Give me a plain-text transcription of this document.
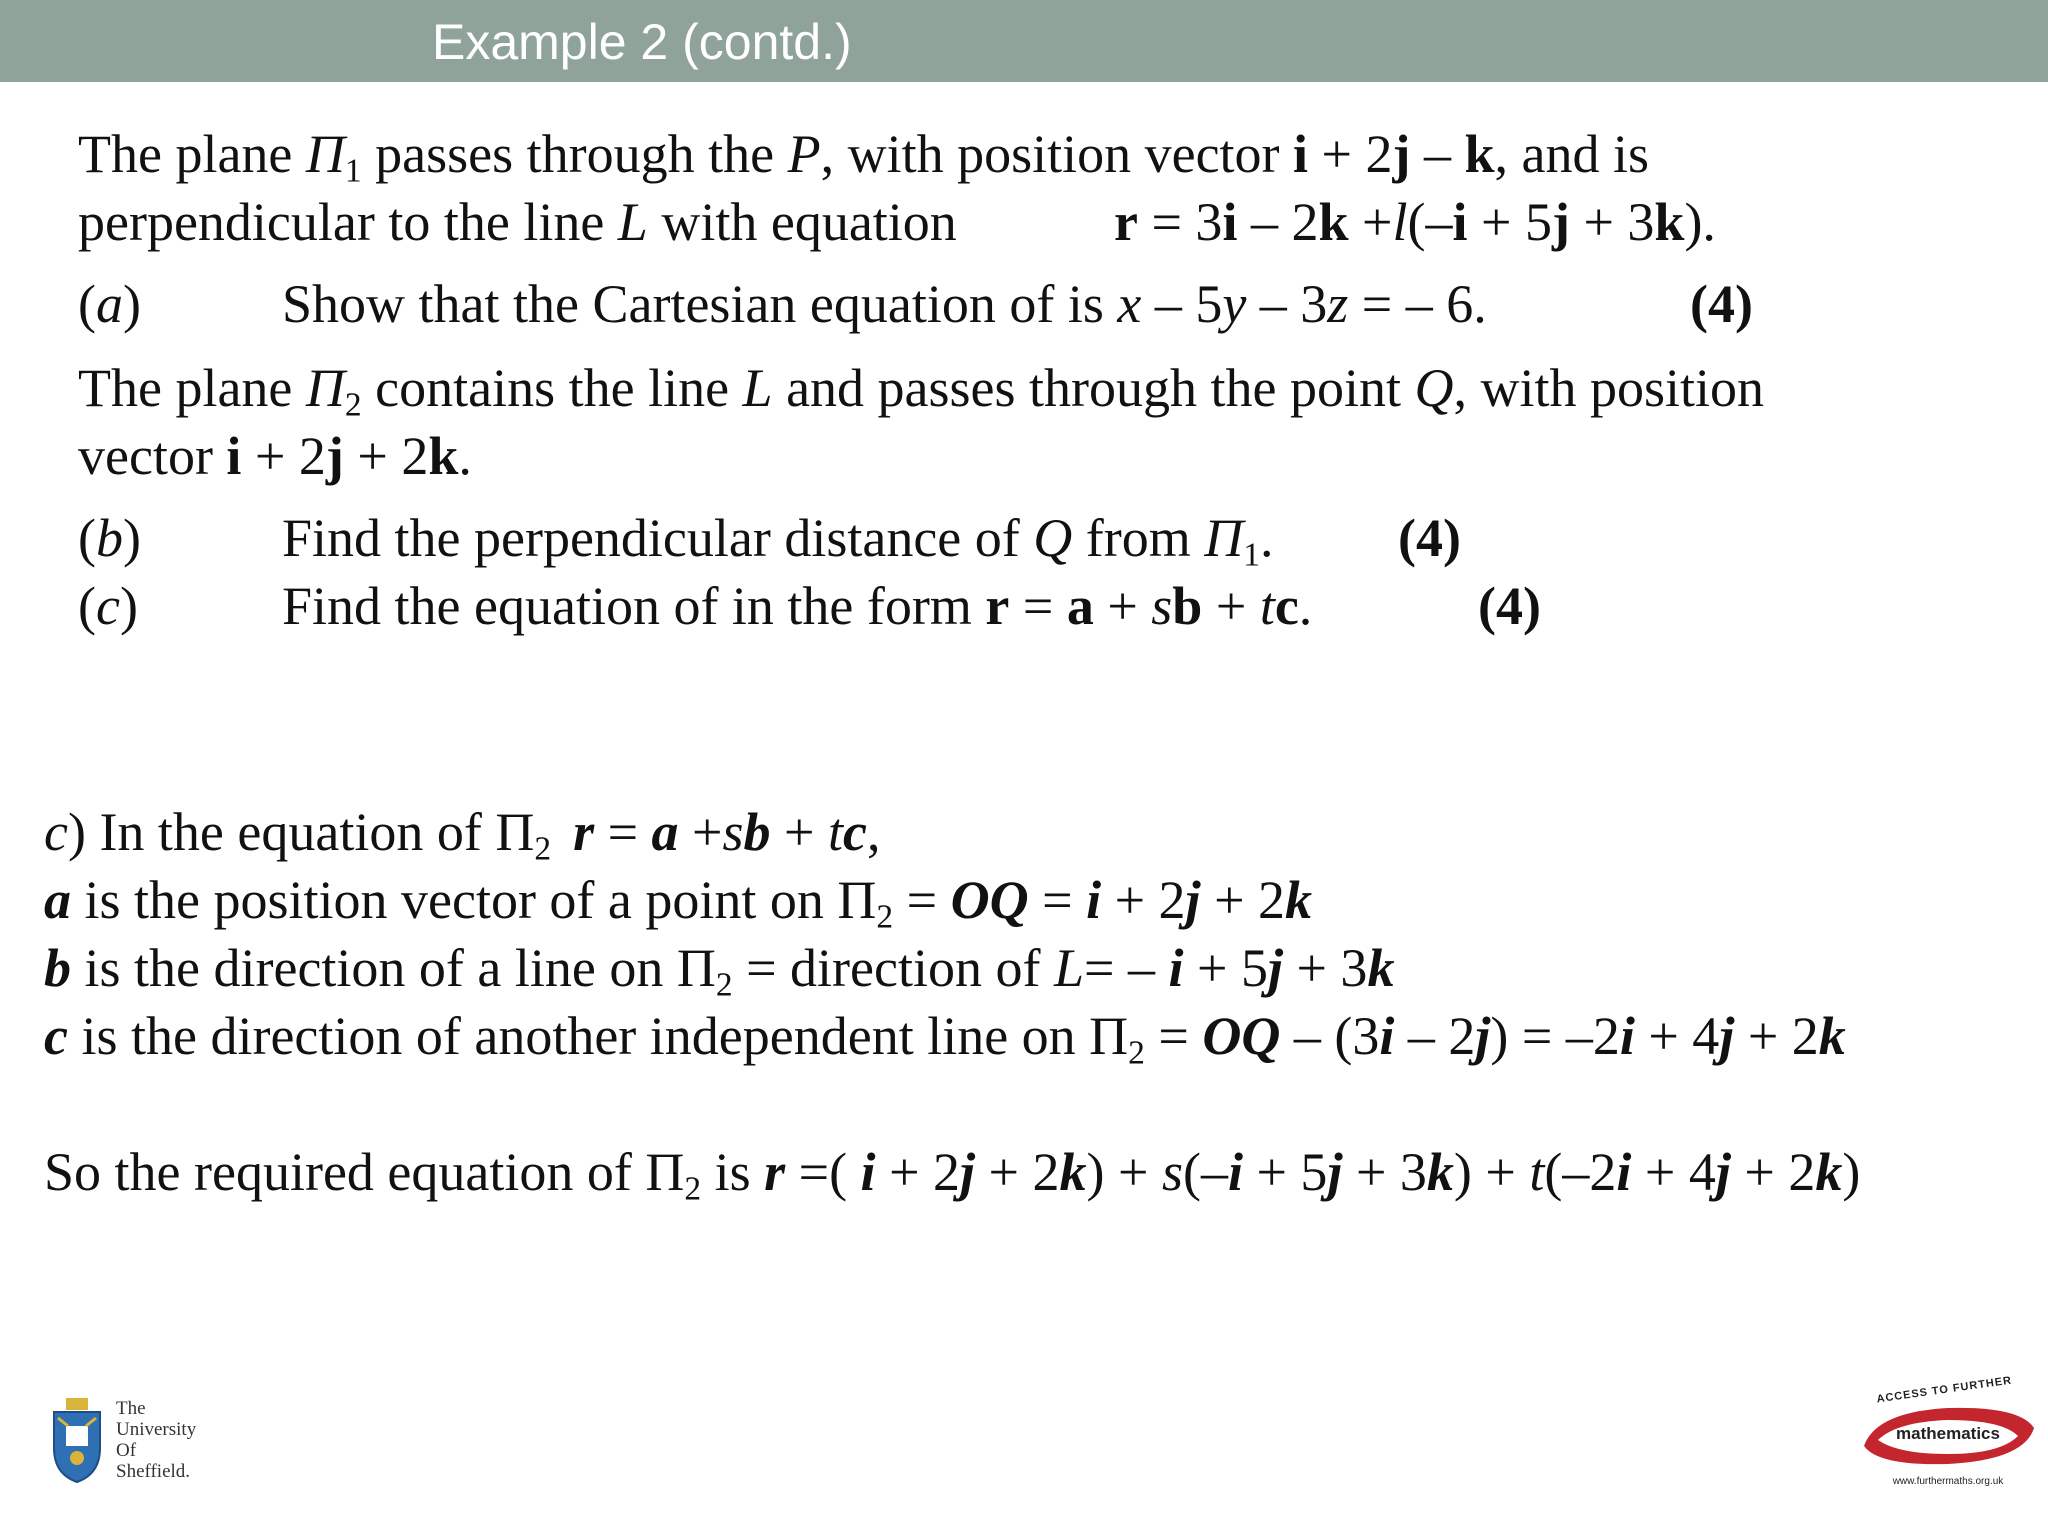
Example 2 (contd.)
The plane $\Pi_1$ passes through the P, with position vector i + 2j – k, and is
perpendicular to the line L with equation	r = 3i – 2k +l(–i + 5j + 3k).
(a)	Show that the Cartesian equation of is x – 5y – 3z = – 6.	(4)
The plane $\Pi_2$ contains the line L and passes through the point Q, with position
vector i + 2j + 2k.
(b)	Find the perpendicular distance of Q from $\Pi_1$. (4)
(c)	Find the equation of in the form r = a + sb + tc.	(4)
c) In the equation of $\Pi_2$ r = a +sb + tc,
a is the position vector of a point on $\Pi_2$ = OQ = i + 2j + 2k
b is the direction of a line on $\Pi_2$ = direction of L= – i + 5j + 3k
c is the direction of another independent line on $\Pi_2$ = OQ – (3i – 2j) = –2i + 4j + 2k
So the required equation of $\Pi_2$ is r =( i + 2j + 2k) + s(–i + 5j + 3k) + t(–2i + 4j + 2k)
The
University
Of
Sheffield.
ACCESS TO FURTHER
mathematics
www.furthermaths.org.uk
